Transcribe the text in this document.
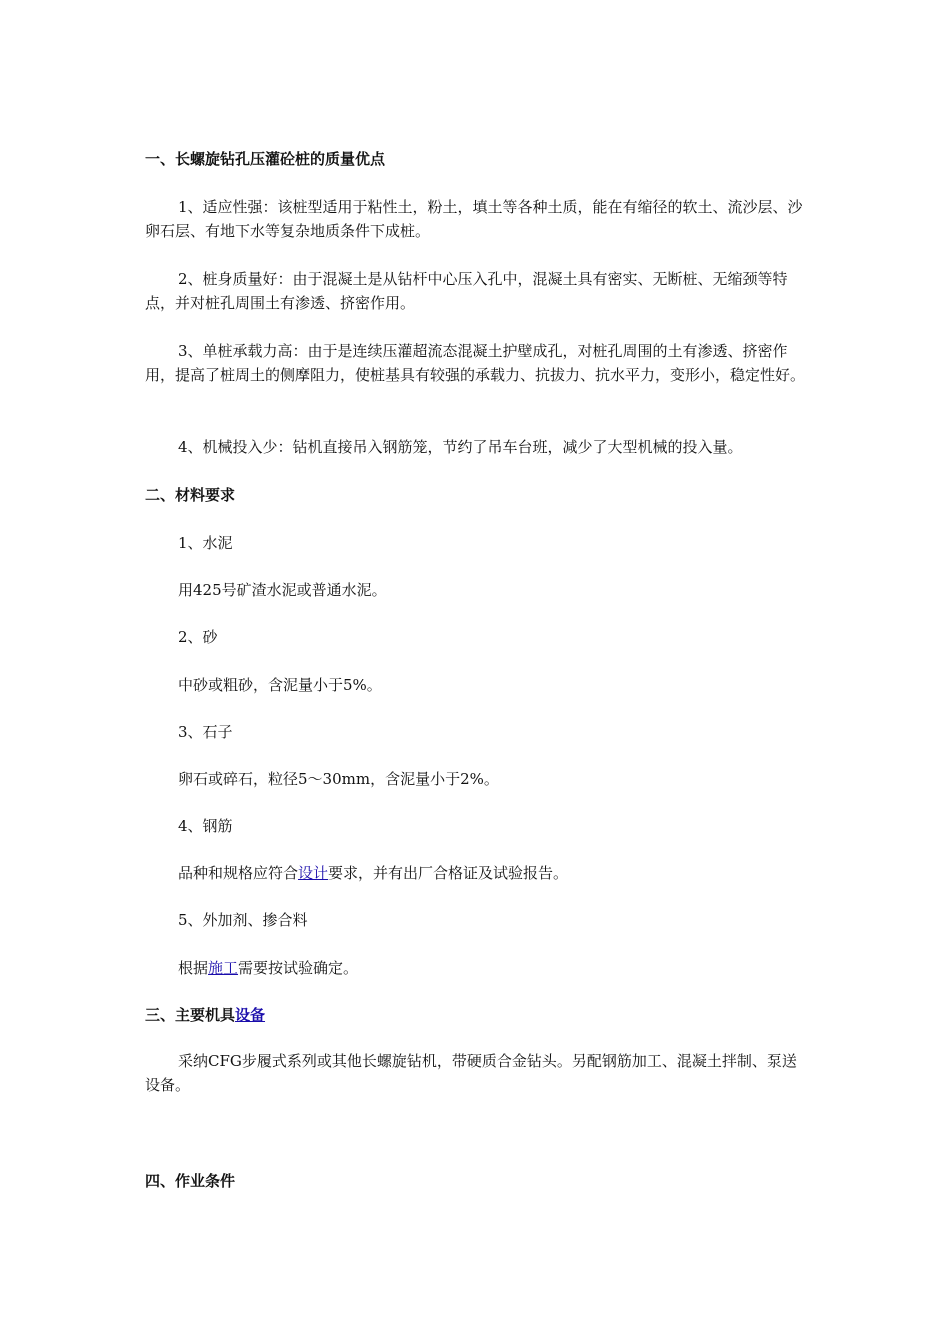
一、长螺旋钻孔压灌砼桩的质量优点

1、适应性强：该桩型适用于粘性土，粉土，填土等各种土质，能在有缩径的软土、流沙层、沙卵石层、有地下水等复杂地质条件下成桩。

2、桩身质量好：由于混凝土是从钻杆中心压入孔中，混凝土具有密实、无断桩、无缩颈等特点，并对桩孔周围土有渗透、挤密作用。

3、单桩承载力高：由于是连续压灌超流态混凝土护壁成孔，对桩孔周围的土有渗透、挤密作用，提高了桩周土的侧摩阻力，使桩基具有较强的承载力、抗拔力、抗水平力，变形小，稳定性好。

4、机械投入少：钻机直接吊入钢筋笼，节约了吊车台班，减少了大型机械的投入量。

二、材料要求

1、水泥

用425号矿渣水泥或普通水泥。

2、砂

中砂或粗砂，含泥量小于5%。

3、石子

卵石或碎石，粒径5～30mm，含泥量小于2%。

4、钢筋

品种和规格应符合设计要求，并有出厂合格证及试验报告。

5、外加剂、掺合料

根据施工需要按试验确定。

三、主要机具设备

采纳CFG步履式系列或其他长螺旋钻机，带硬质合金钻头。另配钢筋加工、混凝土拌制、泵送设备。

四、作业条件
